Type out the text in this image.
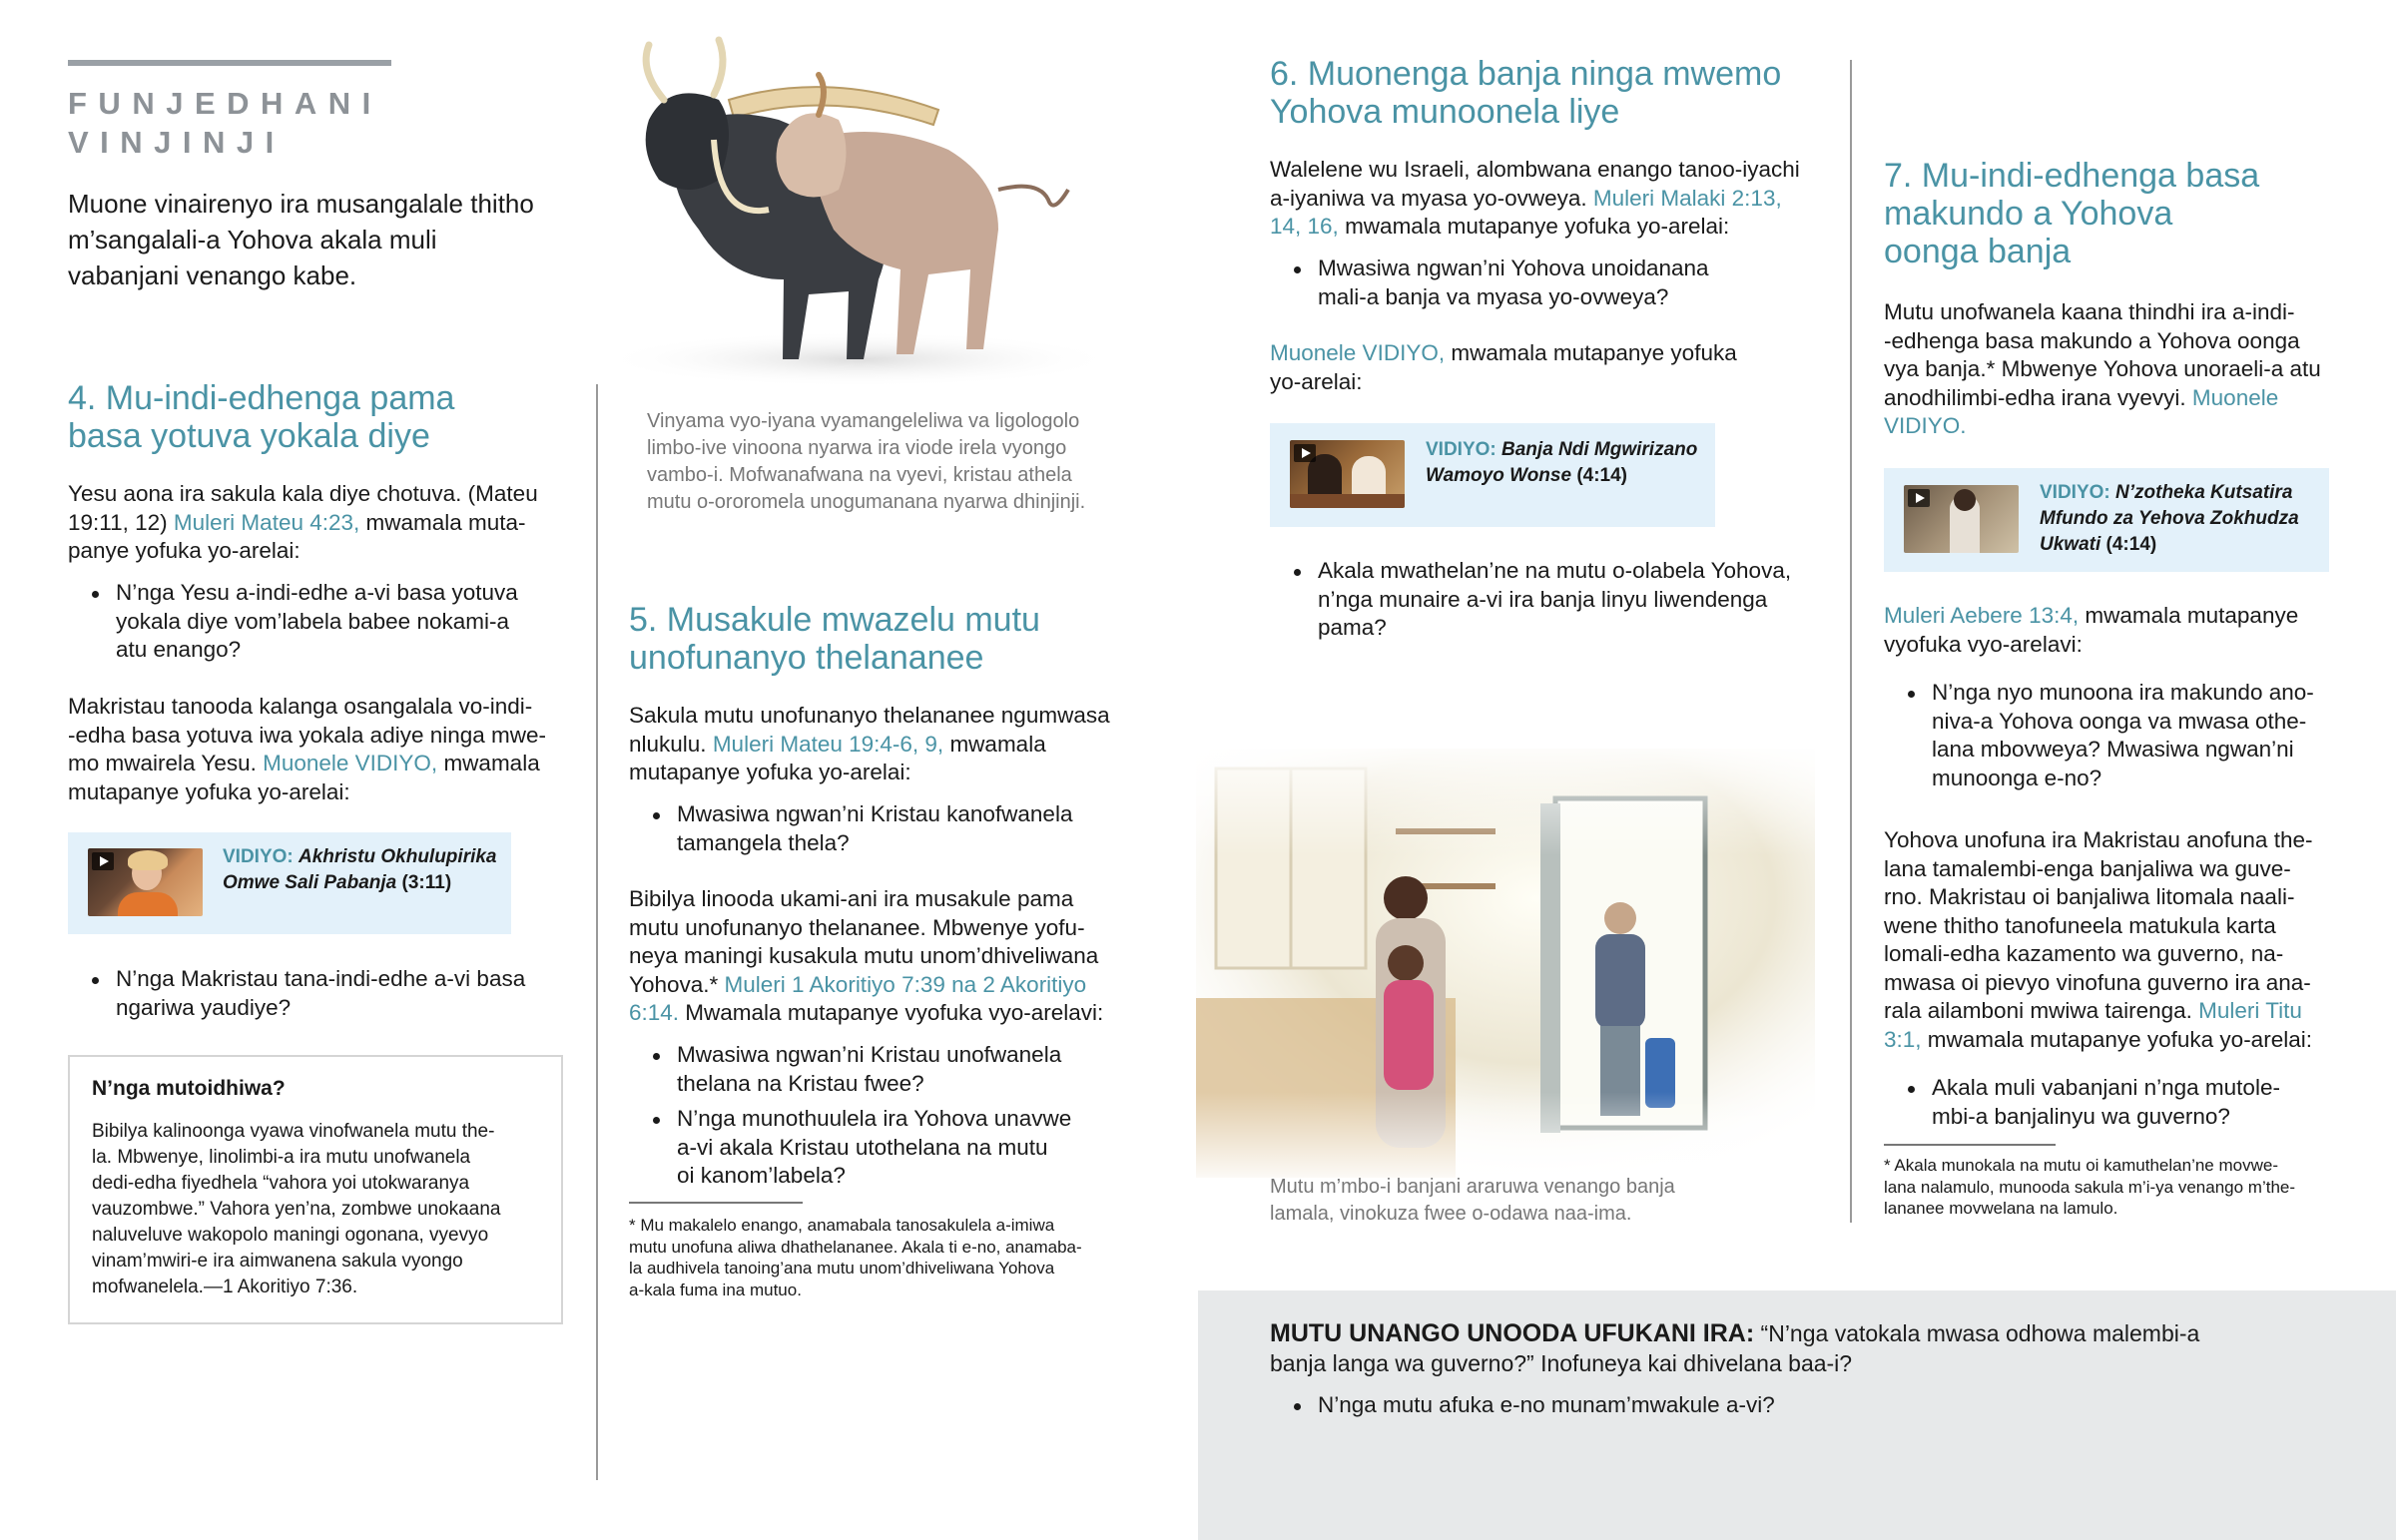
FUNJEDHANI
VINJINJI
Muone vinairenyo ira musangalale thitho
m’sangalali-a Yohova akala muli
vabanjani venango kabe.
4. Mu-indi-edhenga pama
basa yotuva yokala diye
Yesu aona ira sakula kala diye chotuva. (Mateu
19:11, 12) Muleri Mateu 4:23, mwamala muta-
panye yofuka yo-arelai:
N’nga Yesu a-indi-edhe a-vi basa yotuva
yokala diye vom’labela babee nokami-a
atu enango?
Makristau tanooda kalanga osangalala vo-indi-
-edha basa yotuva iwa yokala adiye ninga mwe-
mo mwairela Yesu. Muonele VIDIYO, mwamala
mutapanye yofuka yo-arelai:
VIDIYO: Akhristu Okhulupirika
Omwe Sali Pabanja (3:11)
N’nga Makristau tana-indi-edhe a-vi basa
ngariwa yaudiye?
N’nga mutoidhiwa?
Bibilya kalinoonga vyawa vinofwanela mutu the-
la. Mbwenye, linolimbi-a ira mutu unofwanela
dedi-edha fiyedhela “vahora yoi utokwaranya
vauzombwe.” Vahora yen’na, zombwe unokaana
naluveluve wakopolo maningi ogonana, vyevyo
vinam’mwiri-e ira aimwanena sakula vyongo
mofwanelela.—1 Akoritiyo 7:36.
Vinyama vyo-iyana vyamangeleliwa va ligologolo
limbo-ive vinoona nyarwa ira viode irela vyongo
vambo-i. Mofwanafwana na vyevi, kristau athela
mutu o-ororomela unogumanana nyarwa dhinjinji.
5. Musakule mwazelu mutu
unofunanyo thelananee
Sakula mutu unofunanyo thelananee ngumwasa
nlukulu. Muleri Mateu 19:4-6, 9, mwamala
mutapanye yofuka yo-arelai:
Mwasiwa ngwan’ni Kristau kanofwanela
tamangela thela?
Bibilya linooda ukami-ani ira musakule pama
mutu unofunanyo thelananee. Mbwenye yofu-
neya maningi kusakula mutu unom’dhiveliwana
Yohova.* Muleri 1 Akoritiyo 7:39 na 2 Akoritiyo
6:14. Mwamala mutapanye vyofuka vyo-arelavi:
Mwasiwa ngwan’ni Kristau unofwanela
thelana na Kristau fwee?
N’nga munothuulela ira Yohova unavwe
a-vi akala Kristau utothelana na mutu
oi kanom’labela?
* Mu makalelo enango, anamabala tanosakulela a-imiwa
mutu unofuna aliwa dhathelananee. Akala ti e-no, anamaba-
la audhivela tanoing’ana mutu unom’dhiveliwana Yohova
a-kala fuma ina mutuo.
6. Muonenga banja ninga mwemo
Yohova munoonela liye
Walelene wu Israeli, alombwana enango tanoo-iyachi
a-iyaniwa va myasa yo-ovweya. Muleri Malaki 2:13,
14, 16, mwamala mutapanye yofuka yo-arelai:
Mwasiwa ngwan’ni Yohova unoidanana
mali-a banja va myasa yo-ovweya?
Muonele VIDIYO, mwamala mutapanye yofuka
yo-arelai:
VIDIYO: Banja Ndi Mgwirizano
Wamoyo Wonse (4:14)
Akala mwathelan’ne na mutu o-olabela Yohova,
n’nga munaire a-vi ira banja linyu liwendenga
pama?
Mutu m’mbo-i banjani araruwa venango banja
lamala, vinokuza fwee o-odawa naa-ima.
7. Mu-indi-edhenga basa
makundo a Yohova
oonga banja
Mutu unofwanela kaana thindhi ira a-indi-
-edhenga basa makundo a Yohova oonga
vya banja.* Mbwenye Yohova unoraeli-a atu
anodhilimbi-edha irana vyevyi. Muonele
VIDIYO.
VIDIYO: N’zotheka Kutsatira
Mfundo za Yehova Zokhudza
Ukwati (4:14)
Muleri Aebere 13:4, mwamala mutapanye
vyofuka vyo-arelavi:
N’nga nyo munoona ira makundo ano-
niva-a Yohova oonga va mwasa othe-
lana mbovweya? Mwasiwa ngwan’ni
munoonga e-no?
Yohova unofuna ira Makristau anofuna the-
lana tamalembi-enga banjaliwa wa guve-
rno. Makristau oi banjaliwa litomala naali-
wene thitho tanofuneela matukula karta
lomali-edha kazamento wa guverno, na-
mwasa oi pievyo vinofuna guverno ira ana-
rala ailamboni mwiwa tairenga. Muleri Titu
3:1, mwamala mutapanye yofuka yo-arelai:
Akala muli vabanjani n’nga mutole-
mbi-a banjalinyu wa guverno?
* Akala munokala na mutu oi kamuthelan’ne movwe-
lana nalamulo, munooda sakula m’i-ya venango m’the-
lananee movwelana na lamulo.
MUTU UNANGO UNOODA UFUKANI IRA: “N’nga vatokala mwasa odhowa malembi-a
banja langa wa guverno?” Inofuneya kai dhivelana baa-i?
N’nga mutu afuka e-no munam’mwakule a-vi?
